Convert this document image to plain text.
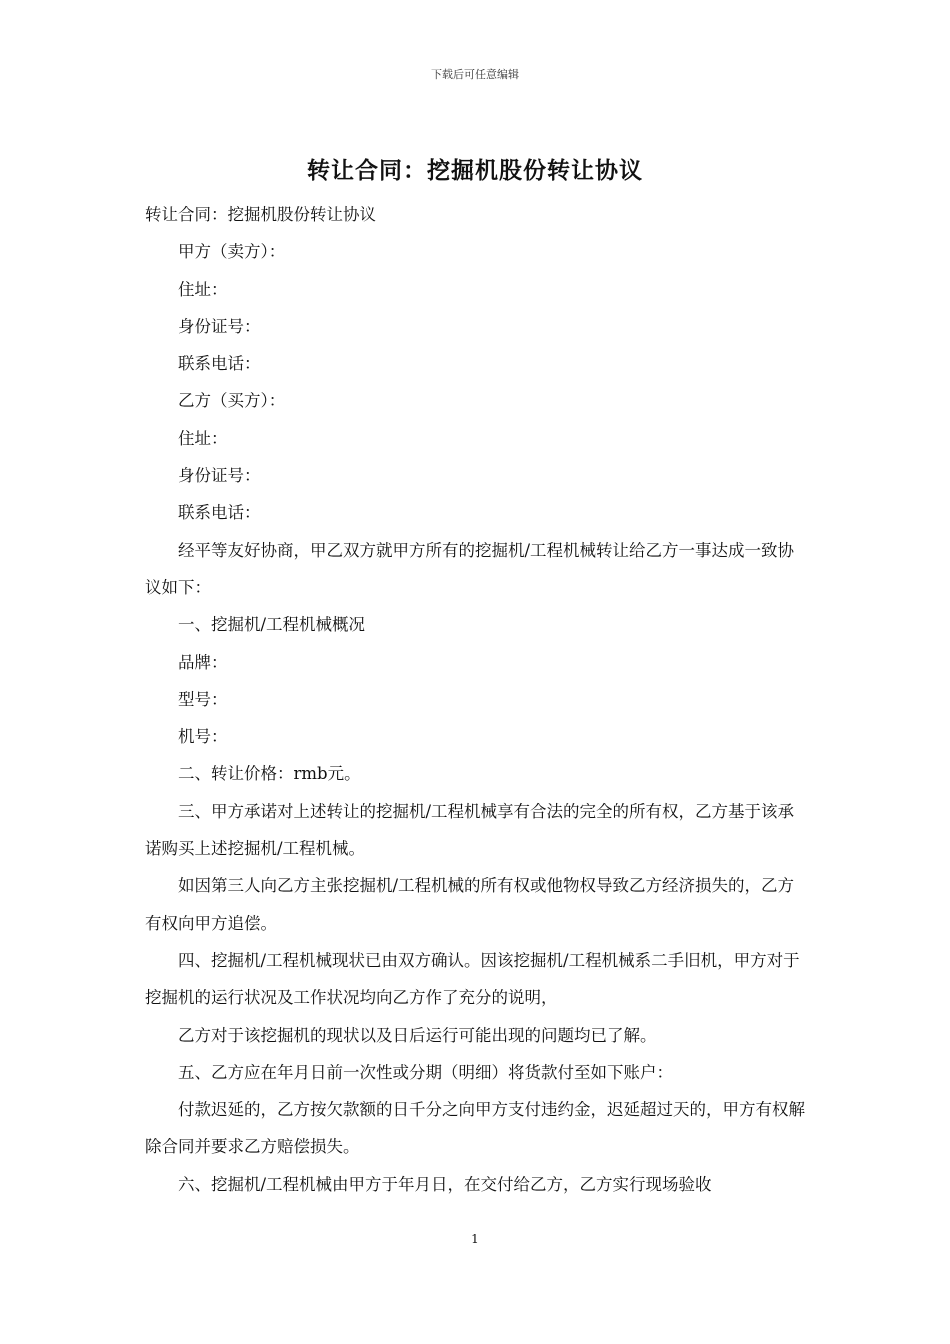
下载后可任意编辑
转让合同：挖掘机股份转让协议

转让合同：挖掘机股份转让协议

甲方（卖方）：

住址：

身份证号：

联系电话：

乙方（买方）：

住址：

身份证号：

联系电话：

经平等友好协商，甲乙双方就甲方所有的挖掘机/工程机械转让给乙方一事达成一致协议如下：

一、挖掘机/工程机械概况

品牌：

型号：

机号：

二、转让价格：rmb元。

三、甲方承诺对上述转让的挖掘机/工程机械享有合法的完全的所有权，乙方基于该承诺购买上述挖掘机/工程机械。

如因第三人向乙方主张挖掘机/工程机械的所有权或他物权导致乙方经济损失的，乙方有权向甲方追偿。

四、挖掘机/工程机械现状已由双方确认。因该挖掘机/工程机械系二手旧机，甲方对于挖掘机的运行状况及工作状况均向乙方作了充分的说明，

乙方对于该挖掘机的现状以及日后运行可能出现的问题均已了解。

五、乙方应在年月日前一次性或分期（明细）将货款付至如下账户：

付款迟延的，乙方按欠款额的日千分之向甲方支付违约金，迟延超过天的，甲方有权解除合同并要求乙方赔偿损失。

六、挖掘机/工程机械由甲方于年月日，在交付给乙方，乙方实行现场验收

1
